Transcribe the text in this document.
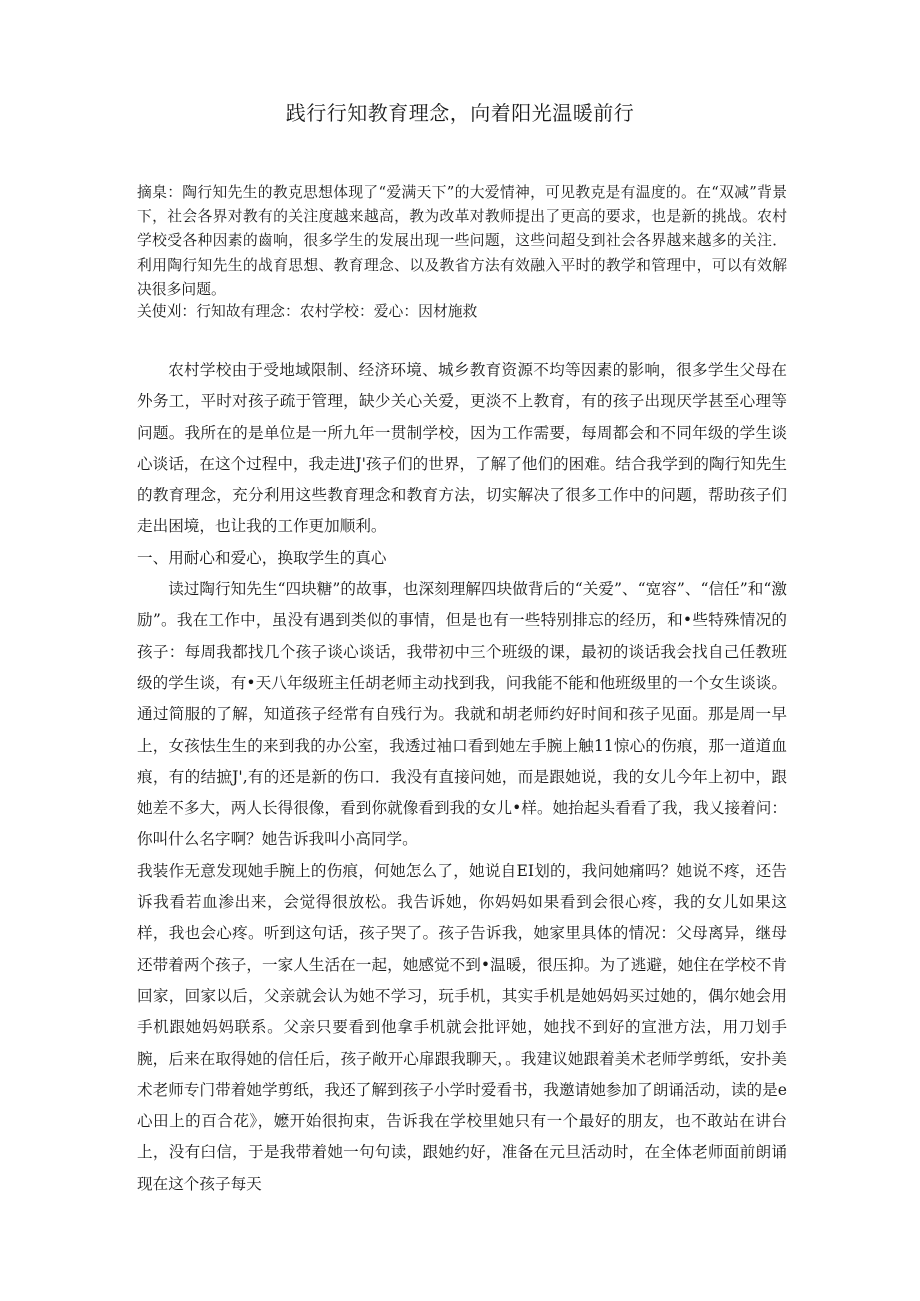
践行行知教育理念，向着阳光温暖前行
摘臬：陶行知先生的教克思想体现了“爱满天下”的大爱情神，可见教克是有温度的。在“双减”背景下，社会各界对教有的关注度越来越高，教为改革对教师提出了更高的要求，也是新的挑战。农村学校受各种因素的齒响，很多学生的发展出现一些问题，这些问超殳到社会各界越来越多的关注．利用陶行知先生的战育思想、教育理念、以及教省方法有效融入平时的教学和管理中，可以有效解决很多问题。
关使刈：行知故有理念：农村学校：爱心：因材施救

农村学校由于受地域限制、经济环境、城乡教育资源不均等因素的影响，很多学生父母在外务工，平时对孩子疏于管理，缺少关心关爱，更淡不上教育，有的孩子出现厌学甚至心理等问题。我所在的是单位是一所九年一贯制学校，因为工作需要，每周都会和不同年级的学生谈心谈话，在这个过程中，我走进J'孩子们的世界，了解了他们的困难。结合我学到的陶行知先生的教育理念，充分利用这些教育理念和教育方法，切实解决了很多工作中的问题，帮助孩子们走出困境，也让我的工作更加顺利。

一、用耐心和爱心，换取学生的真心

读过陶行知先生“四块糖”的故事，也深刻理解四块做背后的“关爱”、“宽容”、“信任”和“激励”。我在工作中，虽没有遇到类似的事情，但是也有一些特别排忘的经历，和•些特殊情况的孩子：每周我都找几个孩子谈心谈话，我带初中三个班级的课，最初的谈话我会找自己任教班级的学生谈，有•天八年级班主任胡老师主动找到我，问我能不能和他班级里的一个女生谈谈。通过简服的了解，知道孩子经常有自残行为。我就和胡老师约好时间和孩子见面。那是周一早上，女孩怯生生的来到我的办公室，我透过袖口看到她左手腕上触11惊心的伤痕，那一道道血痕，有的结摭J',有的还是新的伤口．我没有直接问她，而是跟她说，我的女儿今年上初中，跟她差不多大，两人长得很像，看到你就像看到我的女儿•样。她抬起头看看了我，我乂接着问：你叫什么名字啊？她告诉我叫小高同学。

我装作无意发现她手腕上的伤痕，何她怎么了，她说自EI划的，我问她痛吗？她说不疼，还告诉我看若血渗出来，会觉得很放松。我告诉她，你妈妈如果看到会很心疼，我的女儿如果这样，我也会心疼。听到这句话，孩子哭了。孩子告诉我，她家里具体的情况：父母离异，继母还带着两个孩子，一家人生活在一起，她感觉不到•温暖，很压抑。为了逃避，她住在学校不肯回家，回家以后，父亲就会认为她不学习，玩手机，其实手机是她妈妈买过她的，偶尔她会用手机跟她妈妈联系。父亲只要看到他拿手机就会批评她，她找不到好的宣泄方法，用刀划手腕，后来在取得她的信任后，孩子敞开心扉跟我聊天，。我建议她跟着美术老师学剪纸，安扑美术老师专门带着她学剪纸，我还了解到孩子小学时爱看书，我邀请她参加了朗诵活动，读的是e心田上的百合花》，嬷开始很拘束，告诉我在学校里她只有一个最好的朋友，也不敢站在讲台上，没有臼信，于是我带着她一句句读，跟她约好，准备在元旦活动时，在全体老师面前朗诵现在这个孩子每天
